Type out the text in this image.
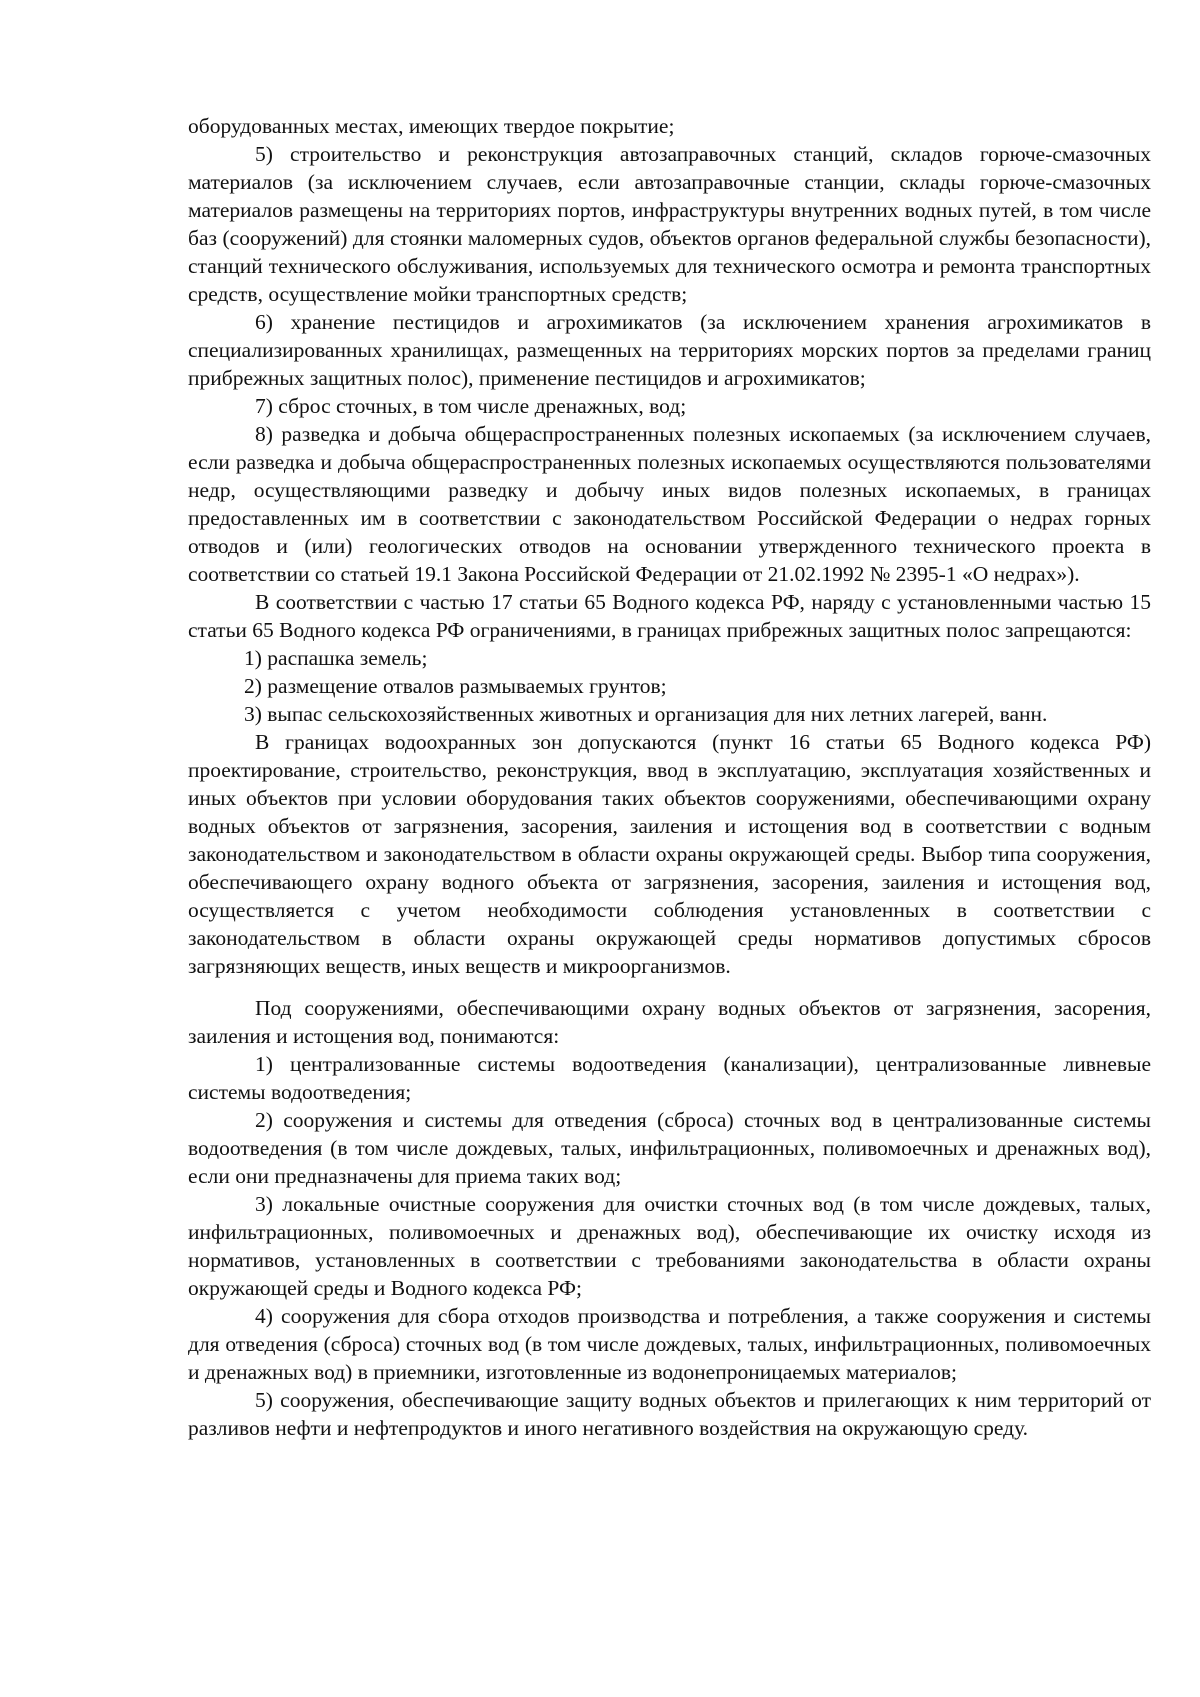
оборудованных местах, имеющих твердое покрытие;

5) строительство и реконструкция автозаправочных станций, складов горюче-смазочных материалов (за исключением случаев, если автозаправочные станции, склады горюче-смазочных материалов размещены на территориях портов, инфраструктуры внутренних водных путей, в том числе баз (сооружений) для стоянки маломерных судов, объектов органов федеральной службы безопасности), станций технического обслуживания, используемых для технического осмотра и ремонта транспортных средств, осуществление мойки транспортных средств;

6) хранение пестицидов и агрохимикатов (за исключением хранения агрохимикатов в специализированных хранилищах, размещенных на территориях морских портов за пределами границ прибрежных защитных полос), применение пестицидов и агрохимикатов;

7) сброс сточных, в том числе дренажных, вод;

8) разведка и добыча общераспространенных полезных ископаемых (за исключением случаев, если разведка и добыча общераспространенных полезных ископаемых осуществляются пользователями недр, осуществляющими разведку и добычу иных видов полезных ископаемых, в границах предоставленных им в соответствии с законодательством Российской Федерации о недрах горных отводов и (или) геологических отводов на основании утвержденного технического проекта в соответствии со статьей 19.1 Закона Российской Федерации от 21.02.1992 № 2395-1 «О недрах»).

В соответствии с частью 17 статьи 65 Водного кодекса РФ, наряду с установленными частью 15 статьи 65 Водного кодекса РФ ограничениями, в границах прибрежных защитных полос запрещаются:

1) распашка земель;

2) размещение отвалов размываемых грунтов;

3) выпас сельскохозяйственных животных и организация для них летних лагерей, ванн.

В границах водоохранных зон допускаются (пункт 16 статьи 65 Водного кодекса РФ) проектирование, строительство, реконструкция, ввод в эксплуатацию, эксплуатация хозяйственных и иных объектов при условии оборудования таких объектов сооружениями, обеспечивающими охрану водных объектов от загрязнения, засорения, заиления и истощения вод в соответствии с водным законодательством и законодательством в области охраны окружающей среды. Выбор типа сооружения, обеспечивающего охрану водного объекта от загрязнения, засорения, заиления и истощения вод, осуществляется с учетом необходимости соблюдения установленных в соответствии с законодательством в области охраны окружающей среды нормативов допустимых сбросов загрязняющих веществ, иных веществ и микроорганизмов.

Под сооружениями, обеспечивающими охрану водных объектов от загрязнения, засорения, заиления и истощения вод, понимаются:

1) централизованные системы водоотведения (канализации), централизованные ливневые системы водоотведения;

2) сооружения и системы для отведения (сброса) сточных вод в централизованные системы водоотведения (в том числе дождевых, талых, инфильтрационных, поливомоечных и дренажных вод), если они предназначены для приема таких вод;

3) локальные очистные сооружения для очистки сточных вод (в том числе дождевых, талых, инфильтрационных, поливомоечных и дренажных вод), обеспечивающие их очистку исходя из нормативов, установленных в соответствии с требованиями законодательства в области охраны окружающей среды и Водного кодекса РФ;

4) сооружения для сбора отходов производства и потребления, а также сооружения и системы для отведения (сброса) сточных вод (в том числе дождевых, талых, инфильтрационных, поливомоечных и дренажных вод) в приемники, изготовленные из водонепроницаемых материалов;

5) сооружения, обеспечивающие защиту водных объектов и прилегающих к ним территорий от разливов нефти и нефтепродуктов и иного негативного воздействия на окружающую среду.
